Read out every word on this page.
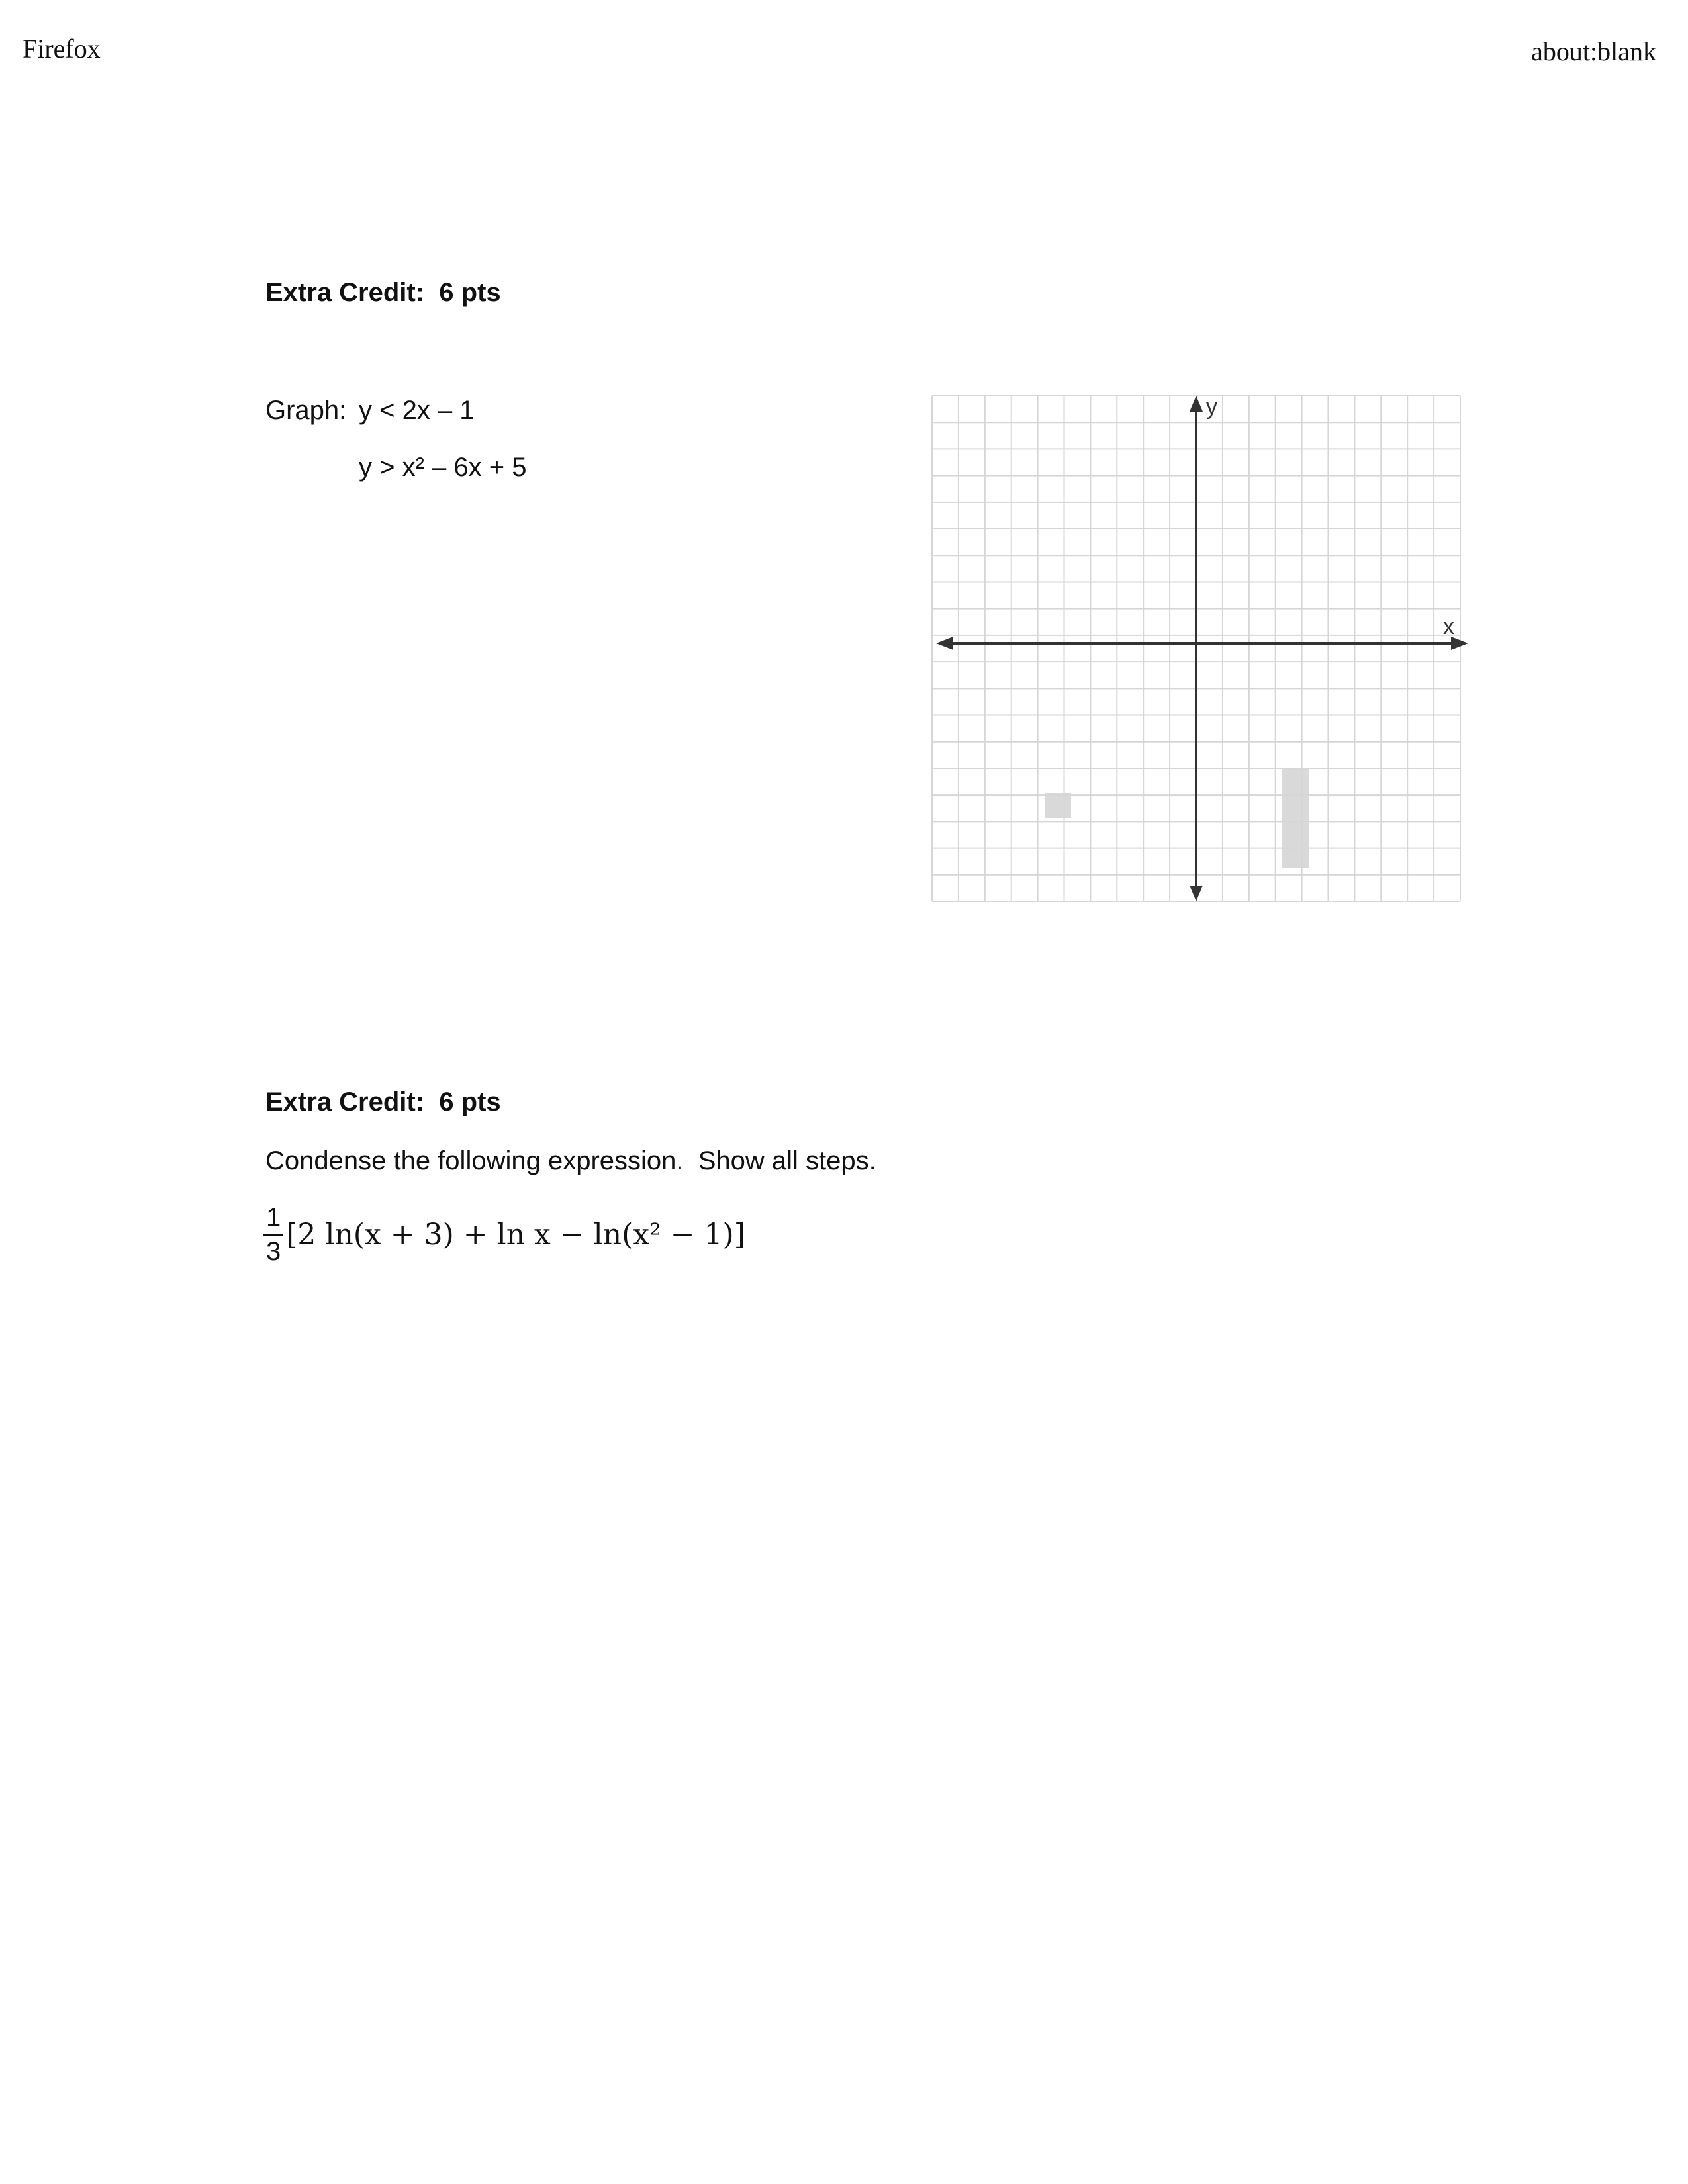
Firefox	about:blank
Extra Credit:  6 pts
Graph: y < 2x – 1
y > x² – 6x + 5
y
x
Extra Credit:  6 pts
Condense the following expression.  Show all steps.
$\frac{1}{3} [2$ ln(x + 3) + ln x − ln(x² − 1)]
